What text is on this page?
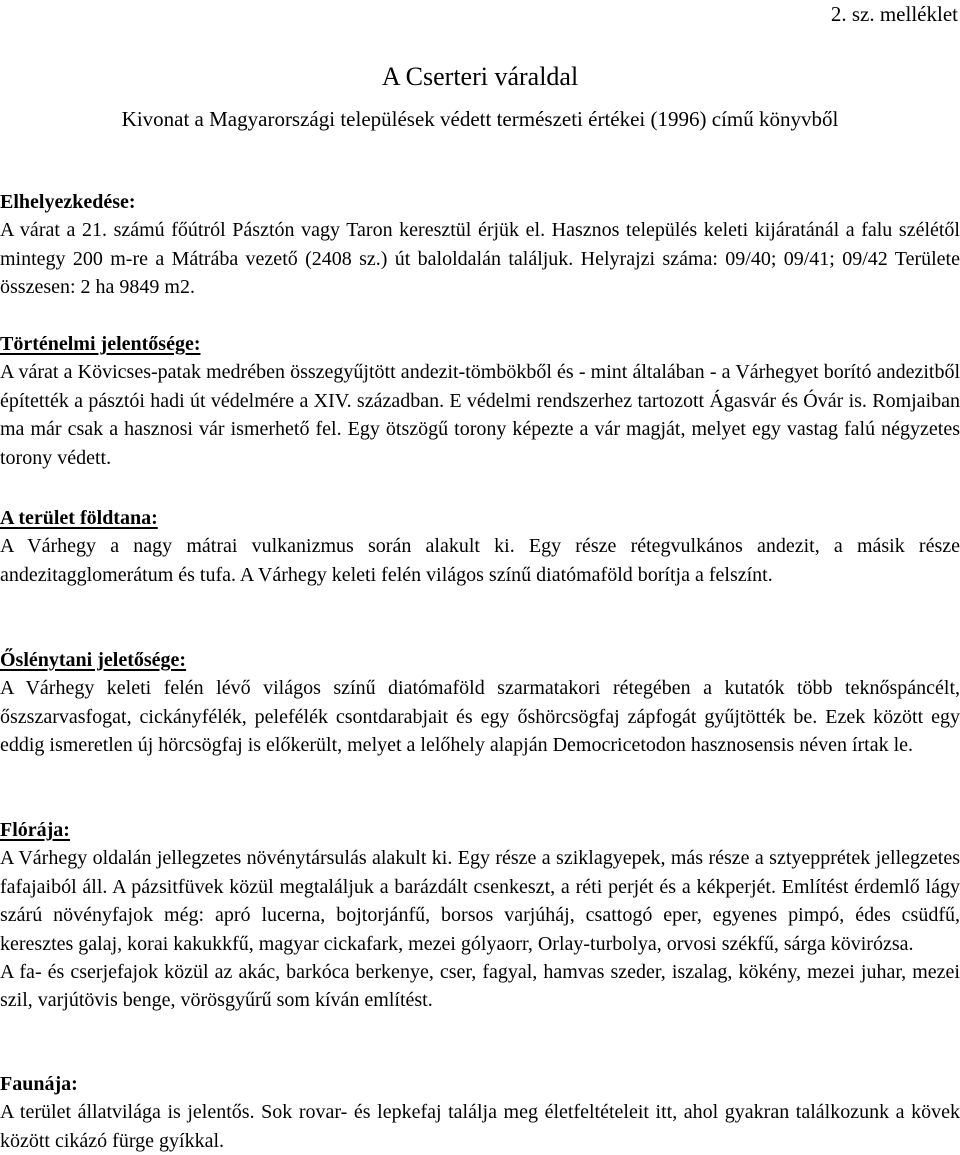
2. sz. melléklet
A Cserteri váraldal
Kivonat a Magyarországi települések védett természeti értékei (1996) című könyvből
Elhelyezkedése:
A várat a 21. számú főútról Pásztón vagy Taron keresztül érjük el. Hasznos település keleti kijáratánál a falu szélétől mintegy 200 m-re a Mátrába vezető (2408 sz.) út baloldalán találjuk. Helyrajzi száma: 09/40; 09/41; 09/42 Területe összesen: 2 ha 9849 m2.
Történelmi jelentősége:
A várat a Kövicses-patak medrében összegyűjtött andezit-tömbökből és - mint általában - a Várhegyet borító andezitből építették a pásztói hadi út védelmére a XIV. században. E védelmi rendszerhez tartozott Ágasvár és Óvár is. Romjaiban ma már csak a hasznosi vár ismerhető fel. Egy ötszögű torony képezte a vár magját, melyet egy vastag falú négyzetes torony védett.
A terület földtana:
A Várhegy a nagy mátrai vulkanizmus során alakult ki. Egy része rétegvulkános andezit, a másik része andezitagglomerátum és tufa. A Várhegy keleti felén világos színű diatómaföld borítja a felszínt.
Őslénytani jeletősége:
A Várhegy keleti felén lévő világos színű diatómaföld szarmatakori rétegében a kutatók több teknőspáncélt, őszszarvasfogat, cickányfélék, pelefélék csontdarabjait és egy őshörcsögfaj zápfogát gyűjtötték be. Ezek között egy eddig ismeretlen új hörcsögfaj is előkerült, melyet a lelőhely alapján Democricetodon hasznosensis néven írtak le.
Flórája:
A Várhegy oldalán jellegzetes növénytársulás alakult ki. Egy része a sziklagyepek, más része a sztyepprétek jellegzetes fafajaiból áll. A pázsitfüvek közül megtaláljuk a barázdált csenkeszt, a réti perjét és a kékperjét. Említést érdemlő lágy szárú növényfajok még: apró lucerna, bojtorjánfű, borsos varjúháj, csattogó eper, egyenes pimpó, édes csüdfű, keresztes galaj, korai kakukkfű, magyar cickafark, mezei gólyaorr, Orlay-turbolya, orvosi székfű, sárga kövirózsa.
A fa- és cserjefajok közül az akác, barkóca berkenye, cser, fagyal, hamvas szeder, iszalag, kökény, mezei juhar, mezei szil, varjútövis benge, vörösgyűrű som kíván említést.
Faunája:
A terület állatvilága is jelentős. Sok rovar- és lepkefaj találja meg életfeltételeit itt, ahol gyakran találkozunk a kövek között cikázó fürge gyíkkal.
